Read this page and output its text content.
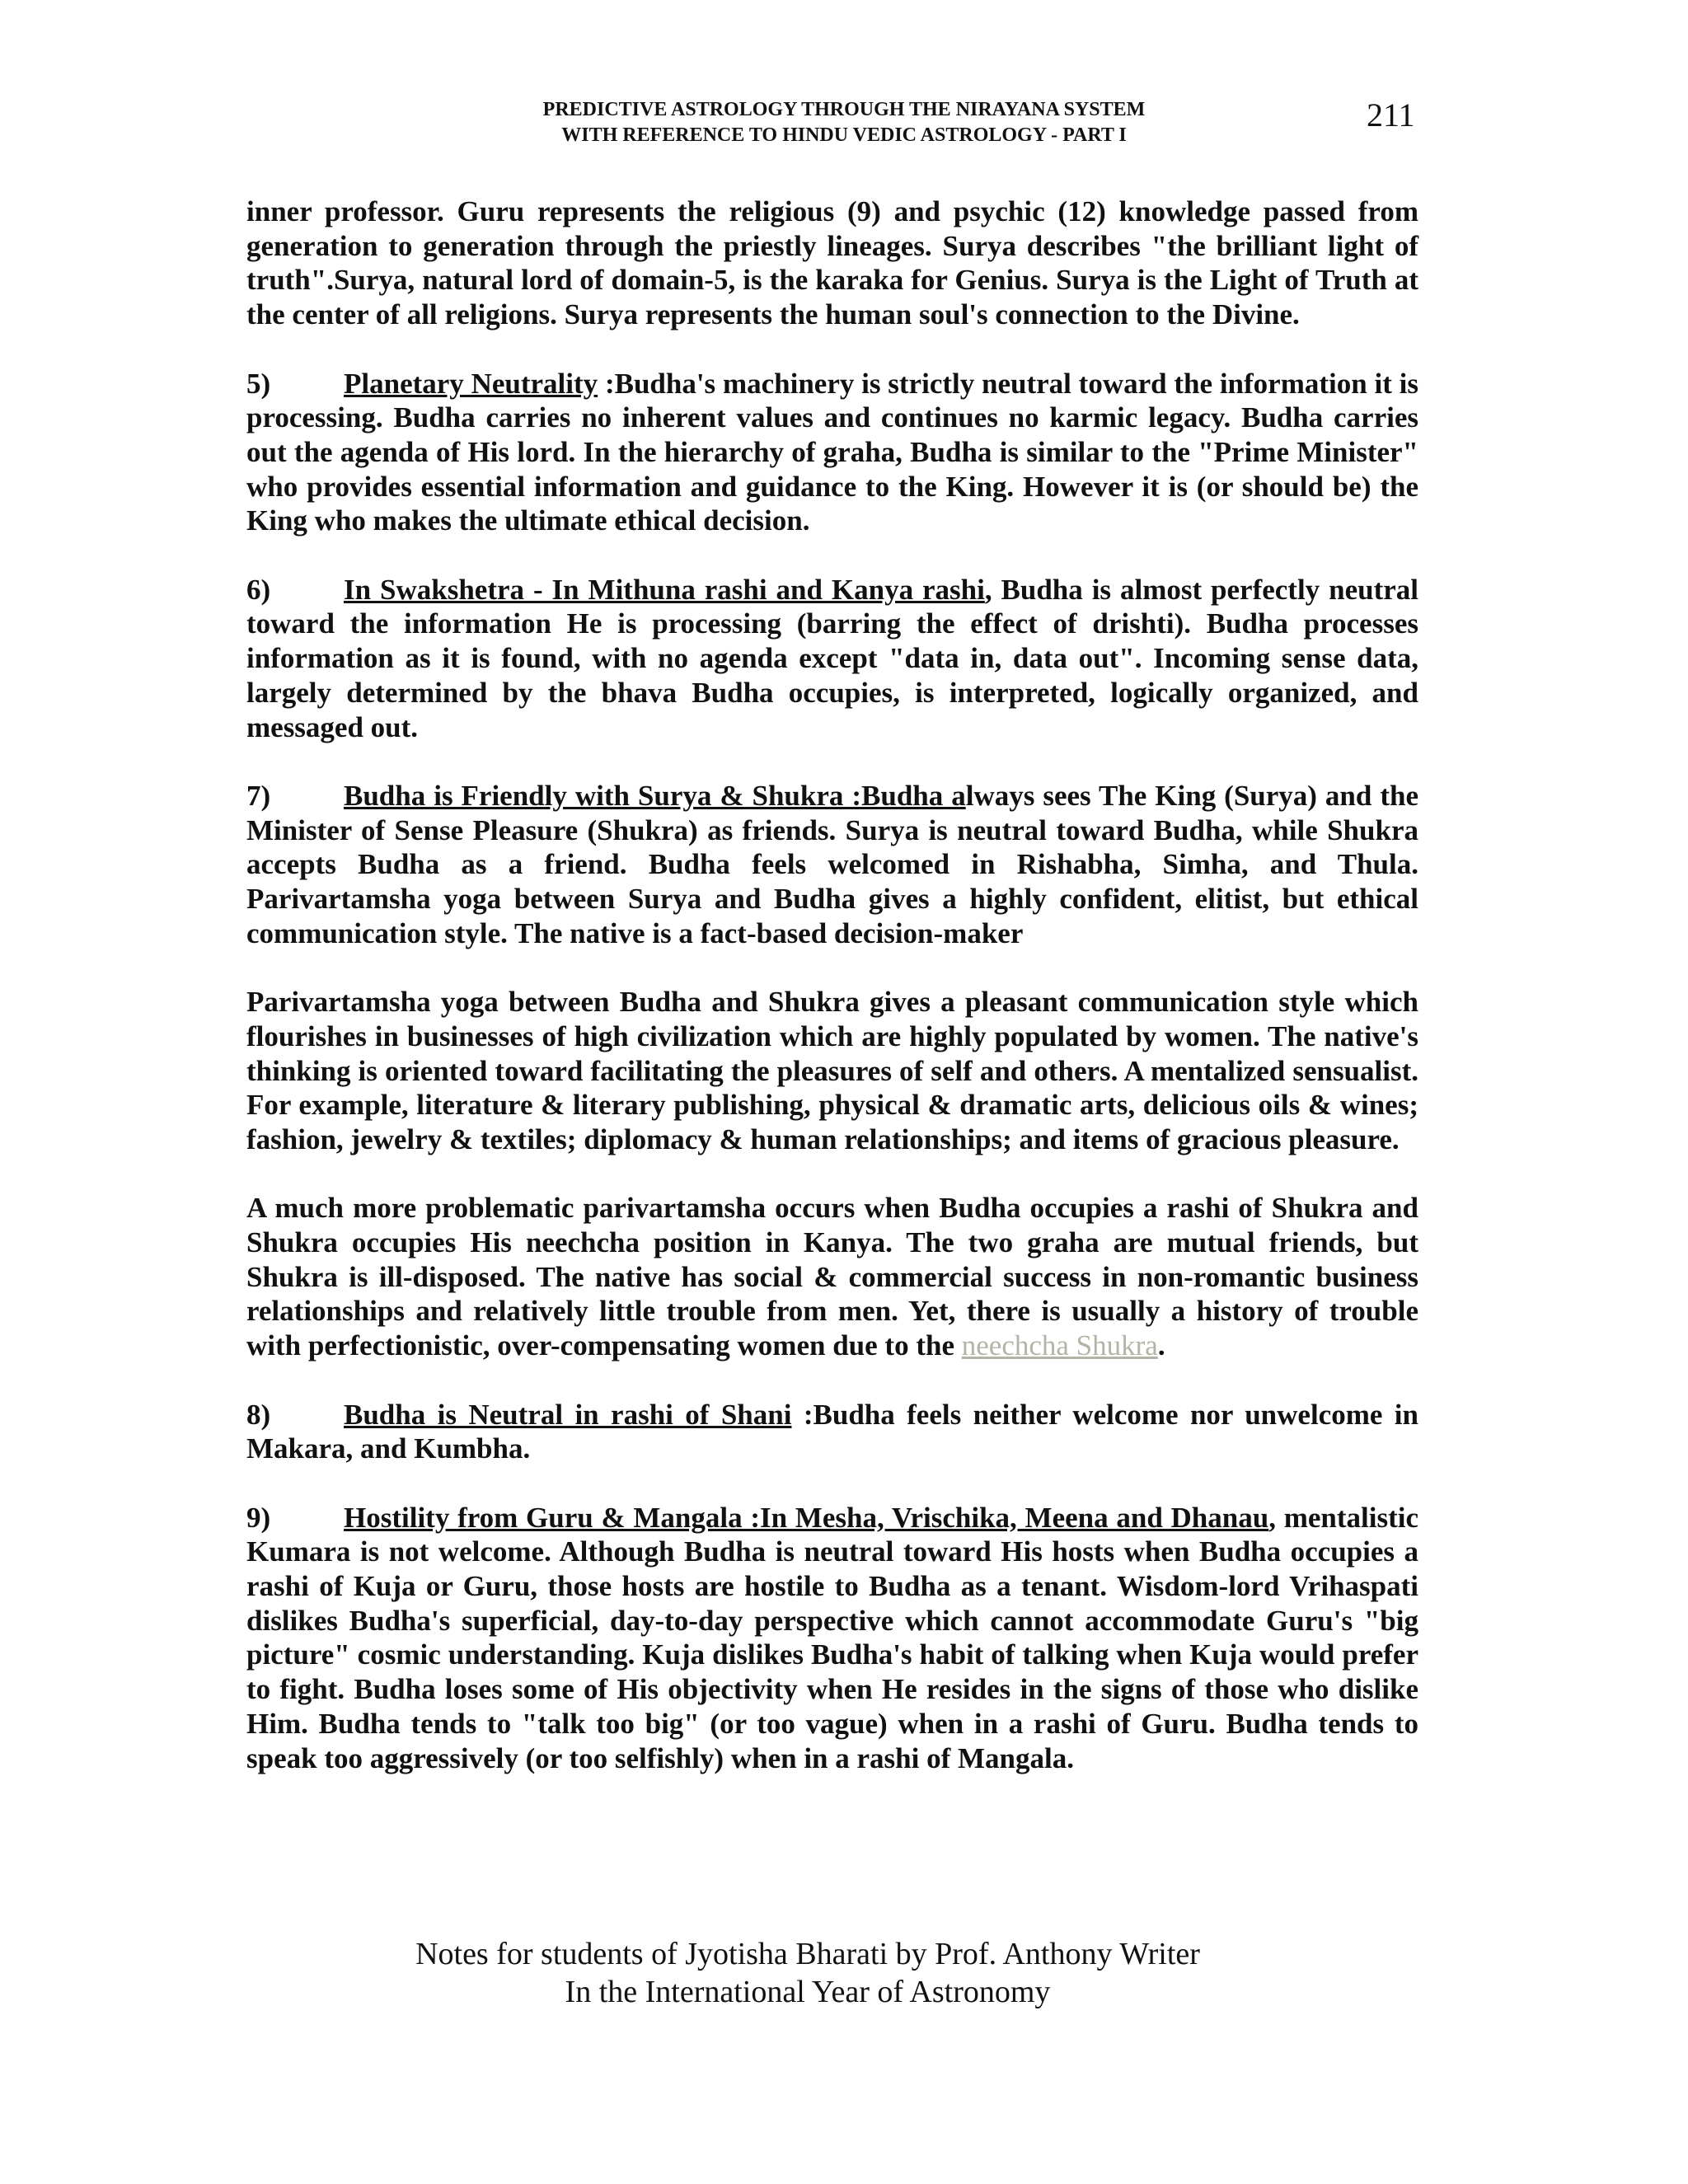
PREDICTIVE ASTROLOGY THROUGH THE NIRAYANA SYSTEM
WITH REFERENCE TO HINDU VEDIC ASTROLOGY - PART I
211

inner professor. Guru represents the religious (9) and psychic (12) knowledge passed from generation to generation through the priestly lineages. Surya describes "the brilliant light of truth".Surya, natural lord of domain-5, is the karaka for Genius. Surya is the Light of Truth at the center of all religions. Surya represents the human soul's connection to the Divine.

5)	Planetary Neutrality :Budha's machinery is strictly neutral toward the information it is processing. Budha carries no inherent values and continues no karmic legacy. Budha carries out the agenda of His lord. In the hierarchy of graha, Budha is similar to the "Prime Minister" who provides essential information and guidance to the King. However it is (or should be) the King who makes the ultimate ethical decision.

6)	In Swakshetra - In Mithuna rashi and Kanya rashi, Budha is almost perfectly neutral toward the information He is processing (barring the effect of drishti). Budha processes information as it is found, with no agenda except "data in, data out". Incoming sense data, largely determined by the bhava Budha occupies, is interpreted, logically organized, and messaged out.

7)	Budha is Friendly with Surya & Shukra :Budha always sees The King (Surya) and the Minister of Sense Pleasure (Shukra) as friends. Surya is neutral toward Budha, while Shukra accepts Budha as a friend. Budha feels welcomed in Rishabha, Simha, and Thula. Parivartamsha yoga between Surya and Budha gives a highly confident, elitist, but ethical communication style. The native is a fact-based decision-maker

Parivartamsha yoga between Budha and Shukra gives a pleasant communication style which flourishes in businesses of high civilization which are highly populated by women. The native's thinking is oriented toward facilitating the pleasures of self and others. A mentalized sensualist. For example, literature & literary publishing, physical & dramatic arts, delicious oils & wines; fashion, jewelry & textiles; diplomacy & human relationships; and items of gracious pleasure.

A much more problematic parivartamsha occurs when Budha occupies a rashi of Shukra and Shukra occupies His neechcha position in Kanya. The two graha are mutual friends, but Shukra is ill-disposed. The native has social & commercial success in non-romantic business relationships and relatively little trouble from men. Yet, there is usually a history of trouble with perfectionistic, over-compensating women due to the neechcha Shukra.

8)	Budha is Neutral in rashi of Shani :Budha feels neither welcome nor unwelcome in Makara, and Kumbha.

9)	Hostility from Guru & Mangala :In Mesha, Vrischika, Meena and Dhanau, mentalistic Kumara is not welcome. Although Budha is neutral toward His hosts when Budha occupies a rashi of Kuja or Guru, those hosts are hostile to Budha as a tenant. Wisdom-lord Vrihaspati dislikes Budha's superficial, day-to-day perspective which cannot accommodate Guru's "big picture" cosmic understanding. Kuja dislikes Budha's habit of talking when Kuja would prefer to fight. Budha loses some of His objectivity when He resides in the signs of those who dislike Him. Budha tends to "talk too big" (or too vague) when in a rashi of Guru. Budha tends to speak too aggressively (or too selfishly) when in a rashi of Mangala.

Notes for students of Jyotisha Bharati by Prof. Anthony Writer
In the International Year of Astronomy
